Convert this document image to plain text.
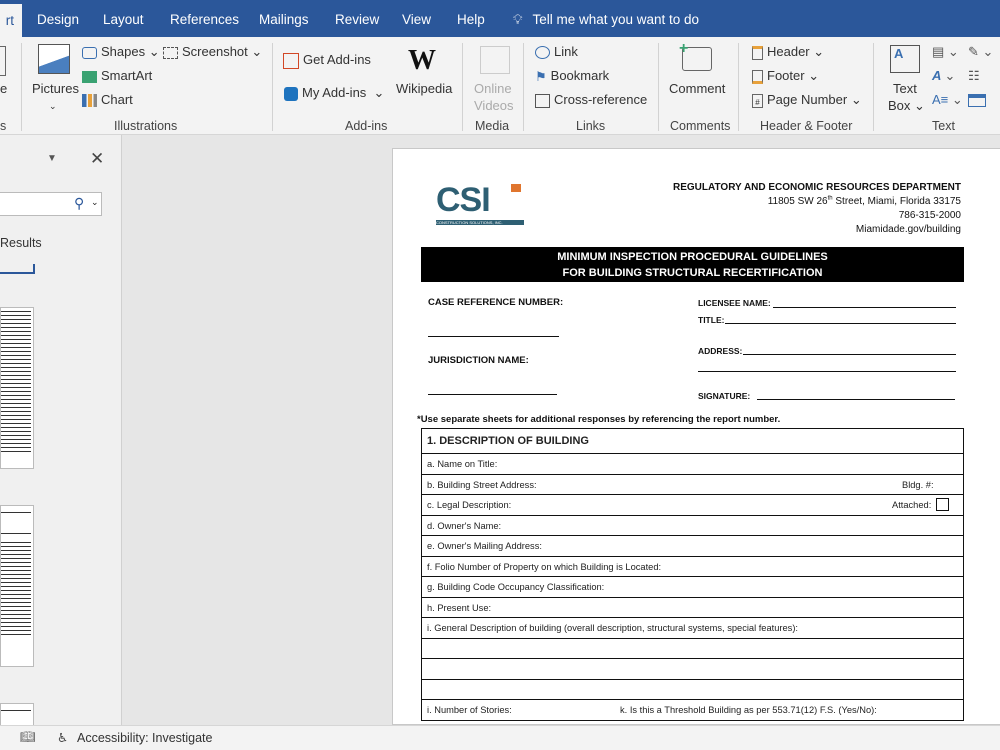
rt	Design Layout References Mailings Review View Help 💡︎ Tell me what you want to do
e
s
Pictures
⌄
Shapes ⌄
SmartArt
Chart
Screenshot ⌄
Illustrations
Get Add-ins
My Add-ins  ⌄
W
Wikipedia
Add-ins
Online
Videos
Media
Link
⚑ Bookmark
Cross-reference
Links
+
Comment
Comments
Header ⌄
Footer ⌄
# Page Number ⌄
Header & Footer
A
Text
Box ⌄
▤ ⌄
A ⌄
A≡ ⌄
✎ ⌄
☷
Text
▼ ✕
⚲ ⌄
Results
CSI
CONSTRUCTION SOLUTIONS, INC.
REGULATORY AND ECONOMIC RESOURCES DEPARTMENT
11805 SW 26th Street, Miami, Florida 33175
786-315-2000
Miamidade.gov/building
MINIMUM INSPECTION PROCEDURAL GUIDELINES
FOR BUILDING STRUCTURAL RECERTIFICATION
CASE REFERENCE NUMBER:
JURISDICTION NAME:
LICENSEE NAME:
TITLE:
ADDRESS:
SIGNATURE:
*Use separate sheets for additional responses by referencing the report number.
1. DESCRIPTION OF BUILDING
a. Name on Title:
b. Building Street Address:	Bldg. #:
c. Legal Description:	Attached:
d. Owner's Name:
e. Owner's Mailing Address:
f. Folio Number of Property on which Building is Located:
g. Building Code Occupancy Classification:
h. Present Use:
i. General Description of building (overall description, structural systems, special features):
i. Number of Stories:	k. Is this a Threshold Building as per 553.71(12) F.S. (Yes/No):
📖︎ ♿︎ Accessibility: Investigate
